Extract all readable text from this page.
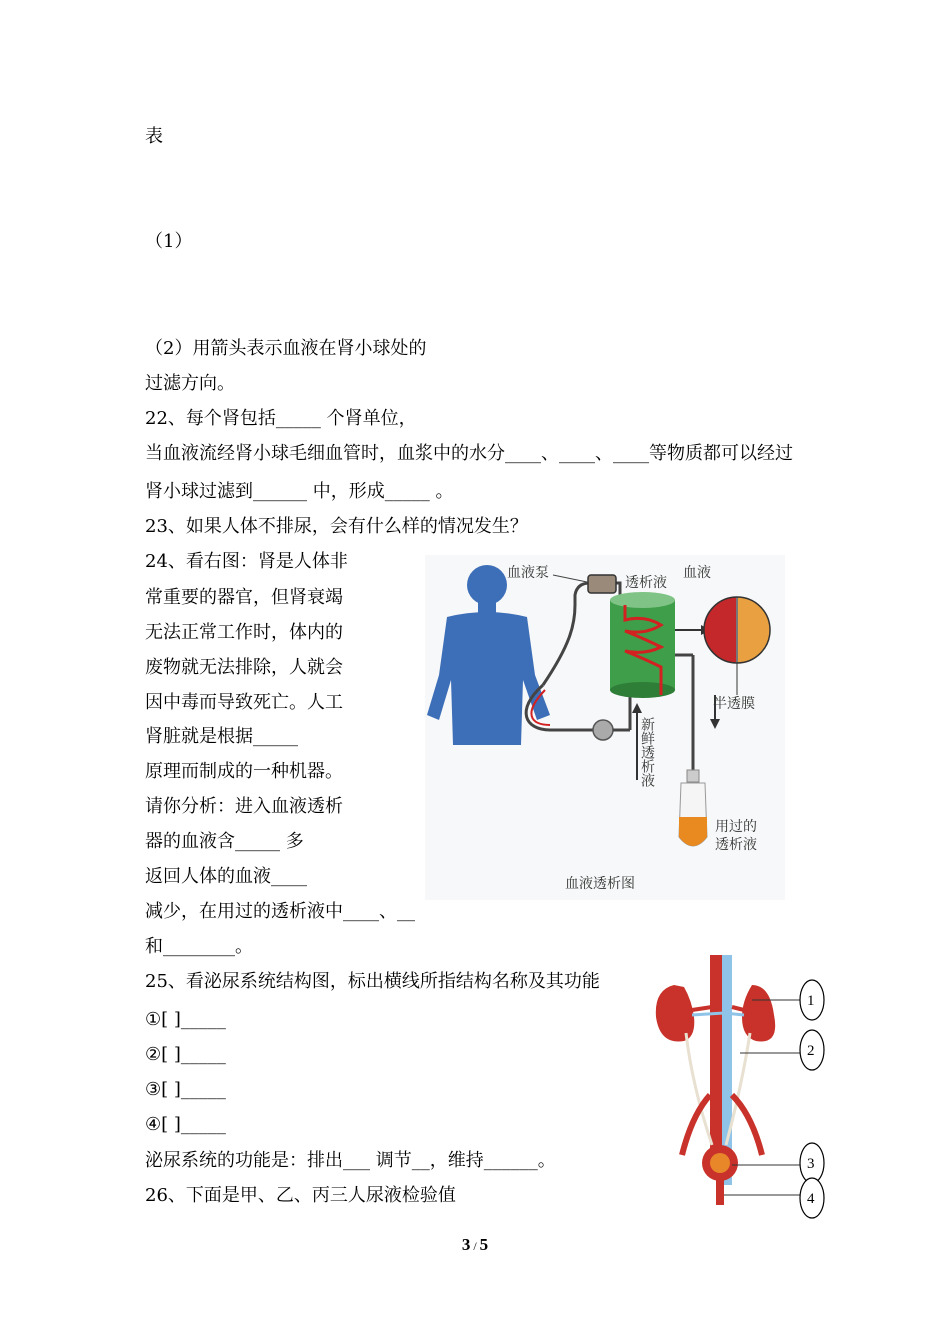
表
（1）
（2）用箭头表示血液在肾小球处的
过滤方向。
22、每个肾包括_____ 个肾单位，
当血液流经肾小球毛细血管时，血浆中的水分____、____、____等物质都可以经过
肾小球过滤到______ 中，形成_____ 。
23、如果人体不排尿，会有什么样的情况发生？
24、看右图：肾是人体非
常重要的器官，但肾衰竭
无法正常工作时，体内的
废物就无法排除，人就会
因中毒而导致死亡。人工
肾脏就是根据_____
原理而制成的一种机器。
请你分析：进入血液透析
器的血液含_____ 多
返回人体的血液____
减少，在用过的透析液中____、__
和________。
25、看泌尿系统结构图，标出横线所指结构名称及其功能
①[ ]_____
②[ ]_____
③[ ]_____
④[ ]_____
泌尿系统的功能是：排出___ 调节__，维持______。
26、下面是甲、乙、丙三人尿液检验值
血液泵
透析液
血液
半透膜
新鲜透析液
用过的
透析液
血液透析图
1
2
3
4
3 / 5
